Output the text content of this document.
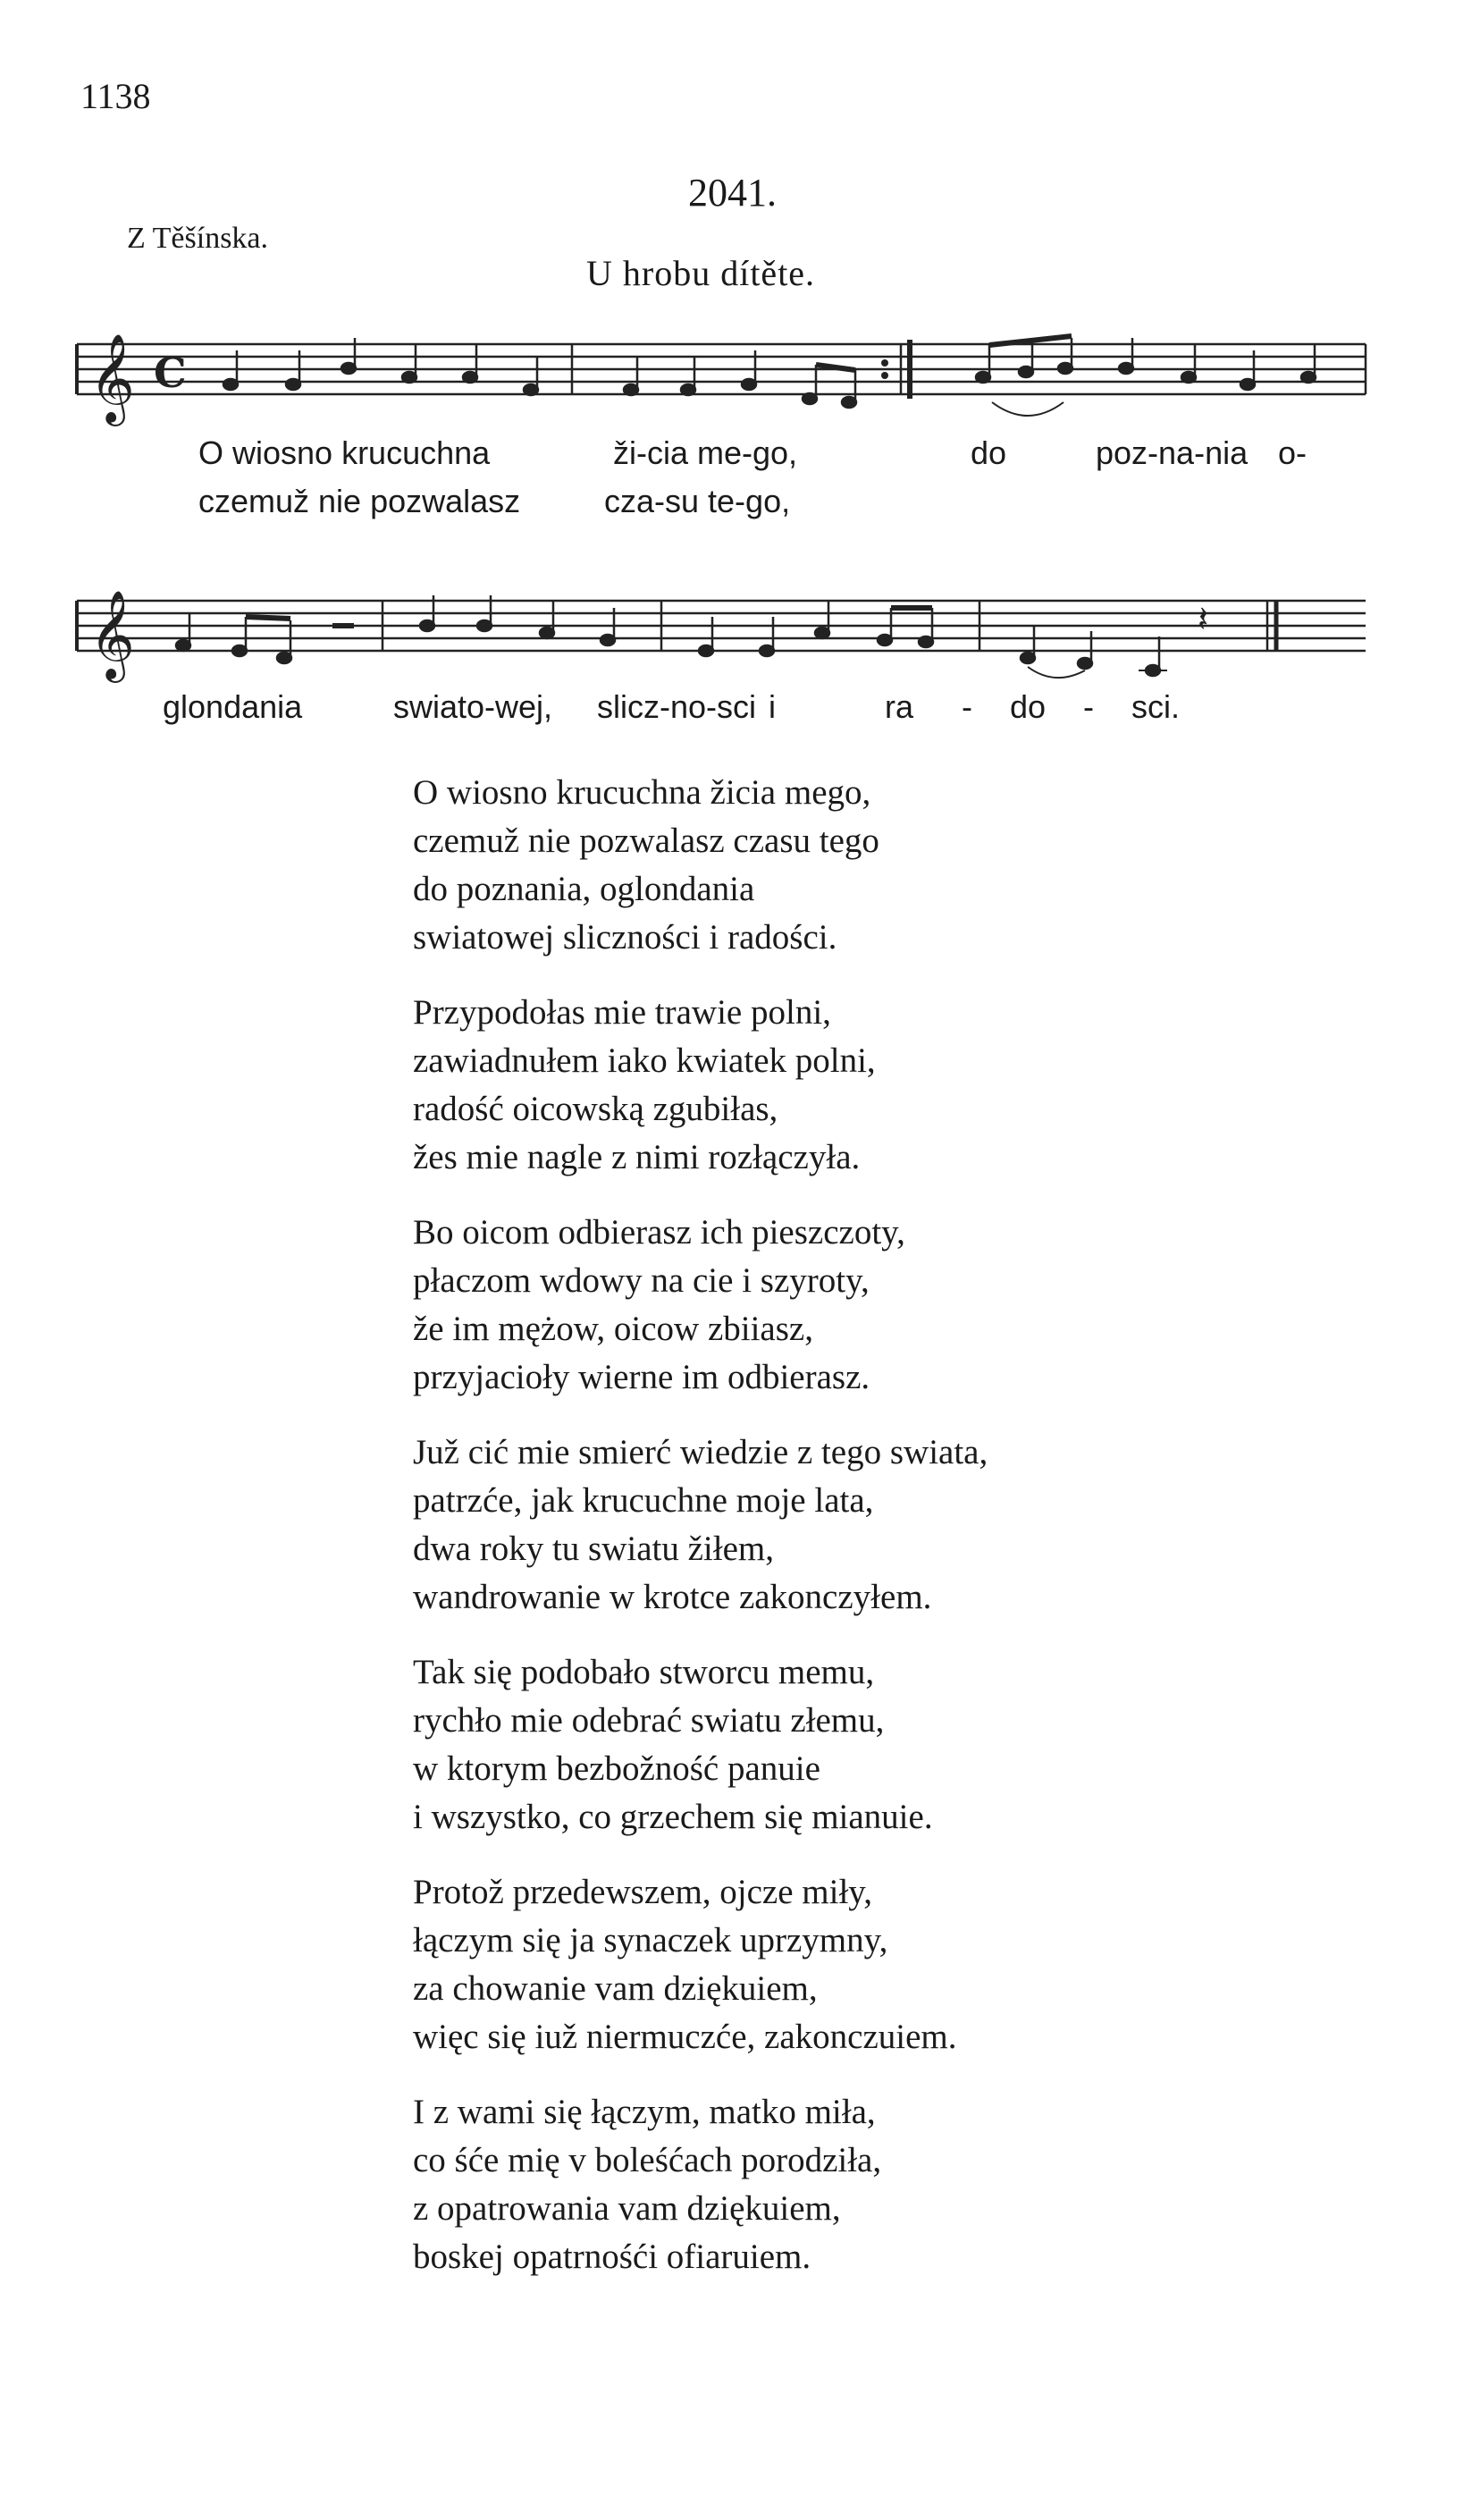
1138
2041.
Z Těšínska.
U hrobu dítěte.
𝄞
𝄞
C
𝄽
O wiosno krucuchna	ži-cia me-go,	do	poz-na-nia o-
czemuž nie pozwalasz	cza-su te-go,
glondania	swiato-wej, slicz-no-sci i	ra - do - sci.
O wiosno krucuchna žicia mego,
czemuž nie pozwalasz czasu tego
do poznania, oglondania
swiatowej sliczności i radości.
Przypodołas mie trawie polni,
zawiadnułem iako kwiatek polni,
radość oicowską zgubiłas,
žes mie nagle z nimi rozłączyła.
Bo oicom odbierasz ich pieszczoty,
płaczom wdowy na cie i szyroty,
že im mężow, oicow zbiiasz,
przyjacioły wierne im odbierasz.
Juž cić mie smierć wiedzie z tego swiata,
patrzće, jak krucuchne moje lata,
dwa roky tu swiatu žiłem,
wandrowanie w krotce zakonczyłem.
Tak się podobało stworcu memu,
rychło mie odebrać swiatu złemu,
w ktorym bezbožność panuie
i wszystko, co grzechem się mianuie.
Protož przedewszem, ojcze miły,
łączym się ja synaczek uprzymny,
za chowanie vam dziękuiem,
więc się iuž niermuczće, zakonczuiem.
I z wami się łączym, matko miła,
co śće mię v boleśćach porodziła,
z opatrowania vam dziękuiem,
boskej opatrnośći ofiaruiem.
